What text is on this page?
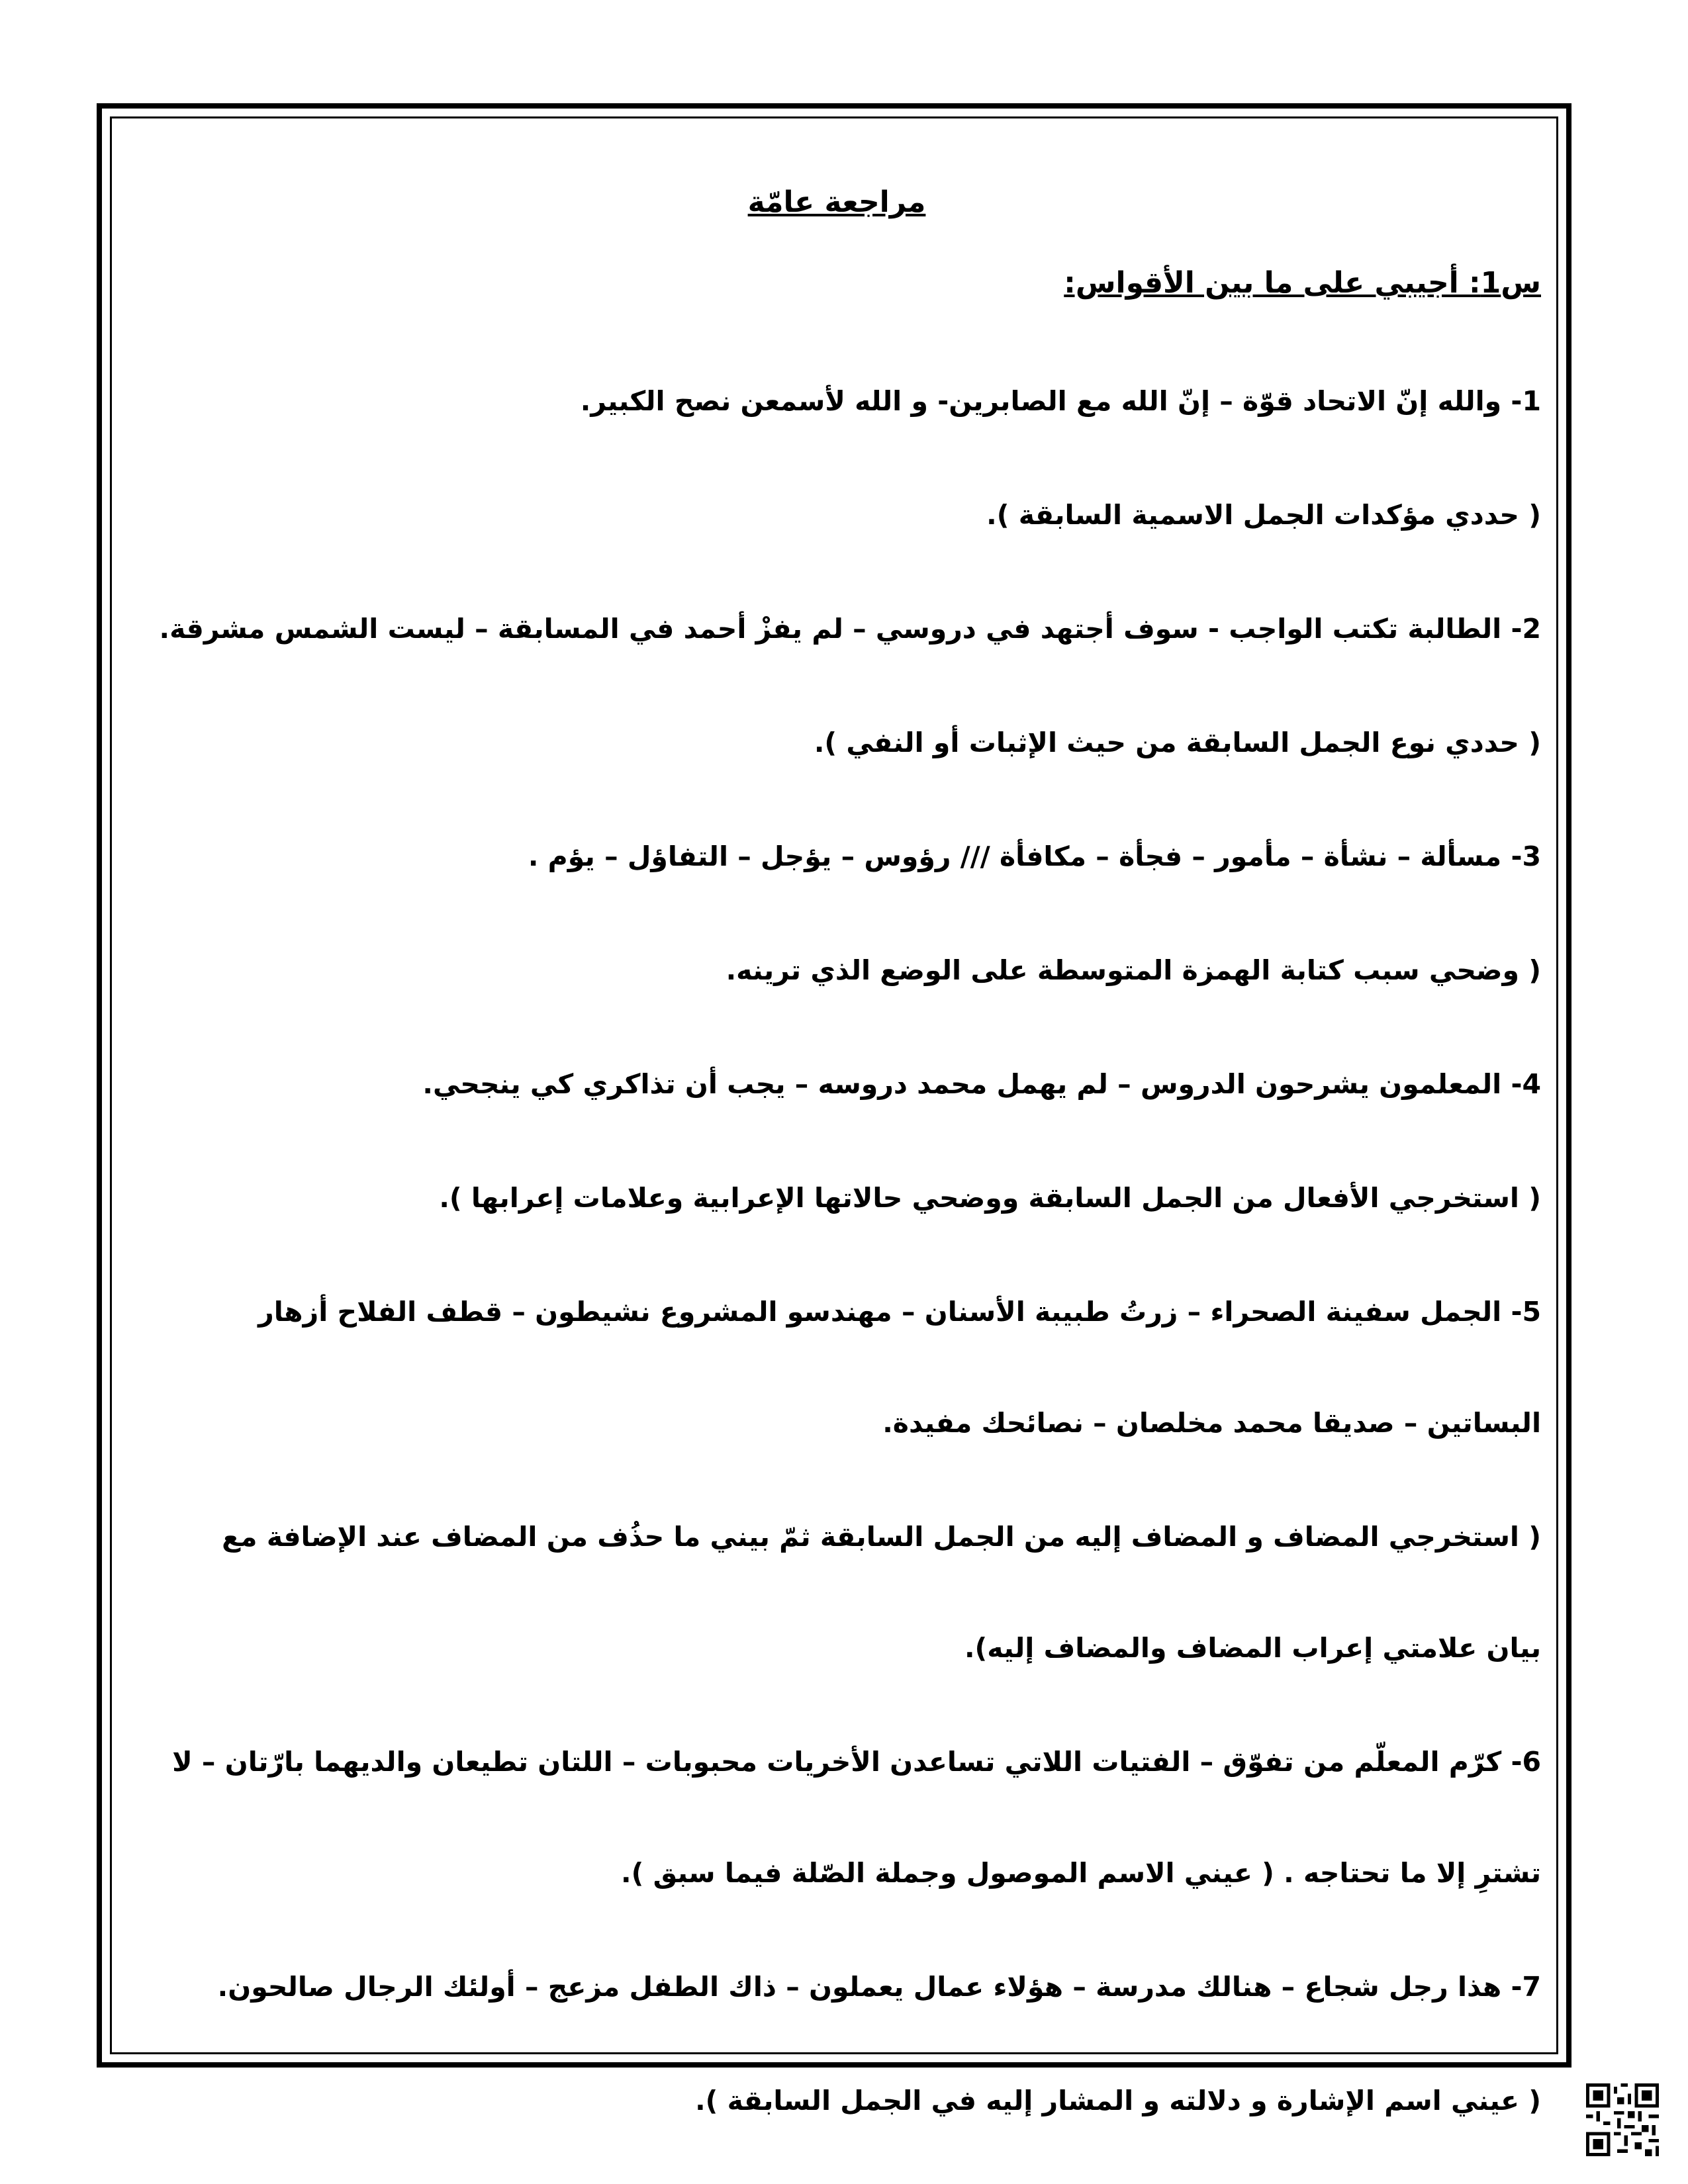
مراجعة عامّة
س1: أجيبي على ما بين الأقواس:
1- والله إنّ الاتحاد قوّة – إنّ الله مع الصابرين- و الله لأسمعن نصح الكبير.
( حددي مؤكدات الجمل الاسمية السابقة ).
2- الطالبة تكتب الواجب - سوف أجتهد في دروسي – لم يفزْ أحمد في المسابقة – ليست الشمس مشرقة.
( حددي نوع الجمل السابقة من حيث الإثبات أو النفي ).
3- مسألة – نشأة – مأمور – فجأة – مكافأة /// رؤوس – يؤجل – التفاؤل – يؤم .
( وضحي سبب كتابة الهمزة المتوسطة على الوضع الذي ترينه.
4- المعلمون يشرحون الدروس – لم يهمل محمد دروسه – يجب أن تذاكري كي ينجحي.
( استخرجي الأفعال من الجمل السابقة ووضحي حالاتها الإعرابية وعلامات إعرابها ).
5- الجمل سفينة الصحراء – زرتُ طبيبة الأسنان – مهندسو المشروع نشيطون – قطف الفلاح أزهار
البساتين – صديقا محمد مخلصان – نصائحك مفيدة.
( استخرجي المضاف و المضاف إليه من الجمل السابقة ثمّ بيني ما حذُف من المضاف عند الإضافة مع
بيان علامتي إعراب المضاف والمضاف إليه).
6- كرّم المعلّم من تفوّق – الفتيات اللاتي تساعدن الأخريات محبوبات – اللتان تطيعان والديهما بارّتان – لا
تشترِ إلا ما تحتاجه . ( عيني الاسم الموصول وجملة الصّلة فيما سبق ).
7- هذا رجل شجاع – هنالك مدرسة – هؤلاء عمال يعملون – ذاك الطفل مزعج – أولئك الرجال صالحون.
( عيني اسم الإشارة و دلالته و المشار إليه في الجمل السابقة ).
